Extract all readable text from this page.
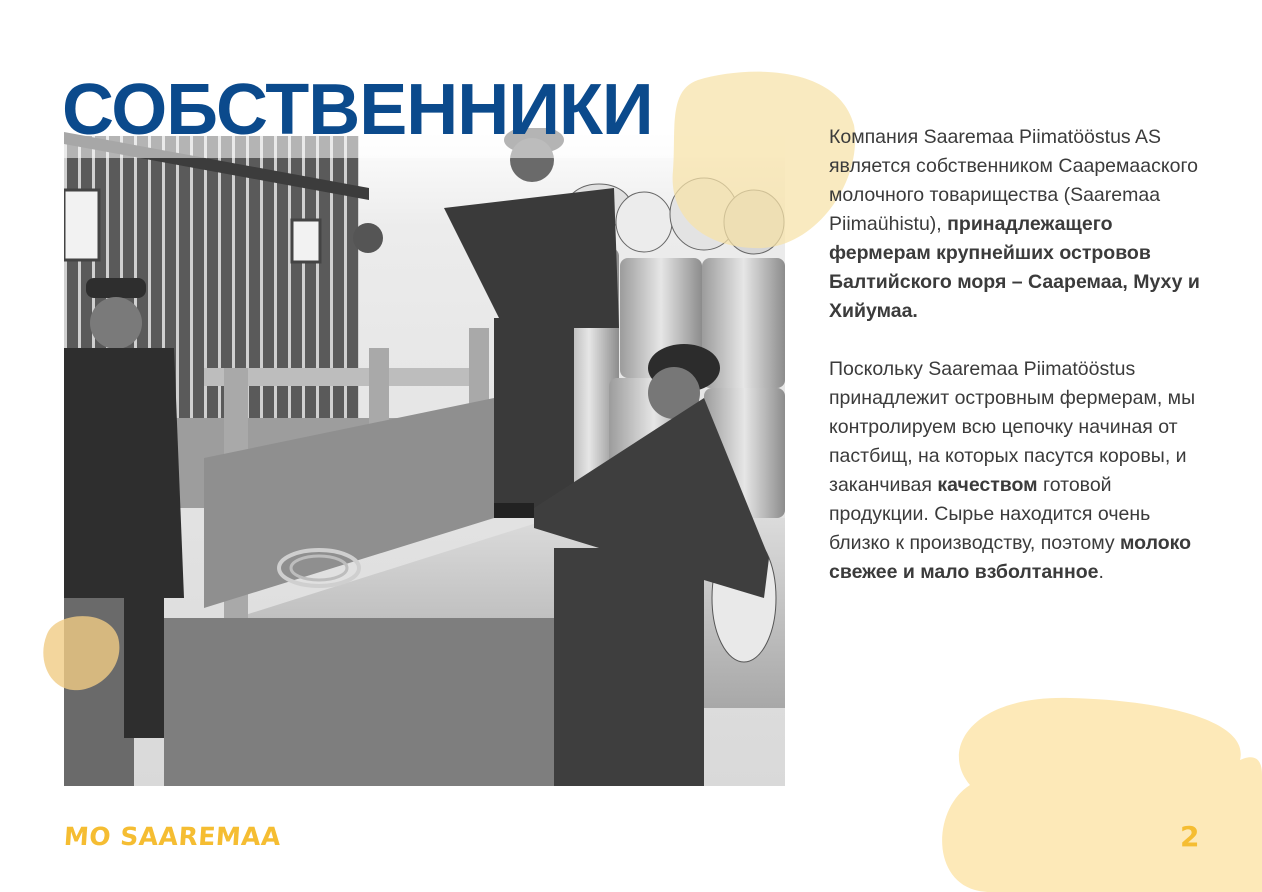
СОБСТВЕННИКИ	Компания Saaremaa Piimatööstus AS является собственником Сааремаaского молочного товарищества (Saaremaa Piimaühistu), принадлежащего фермерам крупнейших островов Балтийского моря – Сааремаа, Муху и Хийумаа.

Поскольку Saaremaa Piimatööstus принадлежит островным фермерам, мы контролируем всю цепочку начиная от пастбищ, на которых пасутся коровы, и заканчивая качеством готовой продукции. Сырье находится очень близко к производству, поэтому молоко свежее и мало взболтанное.

MO SAAREMAA	2
